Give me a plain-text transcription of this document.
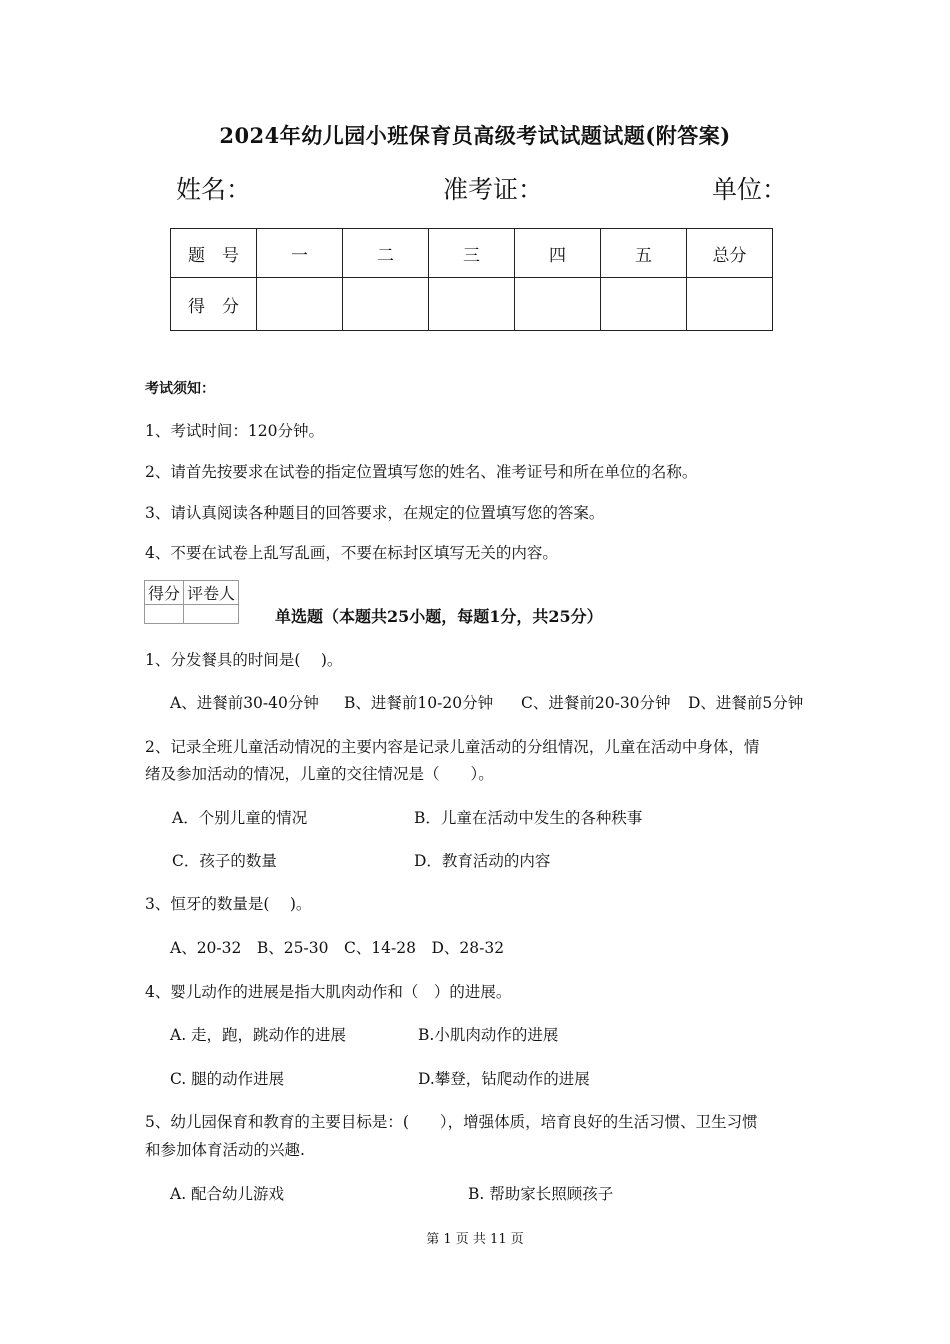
2024年幼儿园小班保育员高级考试试题试题(附答案)
姓名：	准考证：	单位：
题　号	一	二	三	四	五	总分
得　分						
考试须知：
1、考试时间：120分钟。
2、请首先按要求在试卷的指定位置填写您的姓名、准考证号和所在单位的名称。
3、请认真阅读各种题目的回答要求，在规定的位置填写您的答案。
4、不要在试卷上乱写乱画，不要在标封区填写无关的内容。
得分	评卷人

单选题（本题共25小题，每题1分，共25分）
1、分发餐具的时间是(　 )。
A、进餐前30-40分钟 B、进餐前10-20分钟 C、进餐前20-30分钟 D、进餐前5分钟
2、记录全班儿童活动情况的主要内容是记录儿童活动的分组情况，儿童在活动中身体，情
绪及参加活动的情况，儿童的交往情况是（　　）。
A．个别儿童的情况	B．儿童在活动中发生的各种秩事
C．孩子的数量	D．教育活动的内容
3、恒牙的数量是(　 )。
A、20-32　B、25-30　C、14-28　D、28-32
4、婴儿动作的进展是指大肌肉动作和（　）的进展。
A. 走，跑，跳动作的进展	B.小肌肉动作的进展
C. 腿的动作进展	D.攀登，钻爬动作的进展
5、幼儿园保育和教育的主要目标是：(　　），增强体质，培育良好的生活习惯、卫生习惯
和参加体育活动的兴趣.
A. 配合幼儿游戏	B. 帮助家长照顾孩子
第 1 页 共 11 页
